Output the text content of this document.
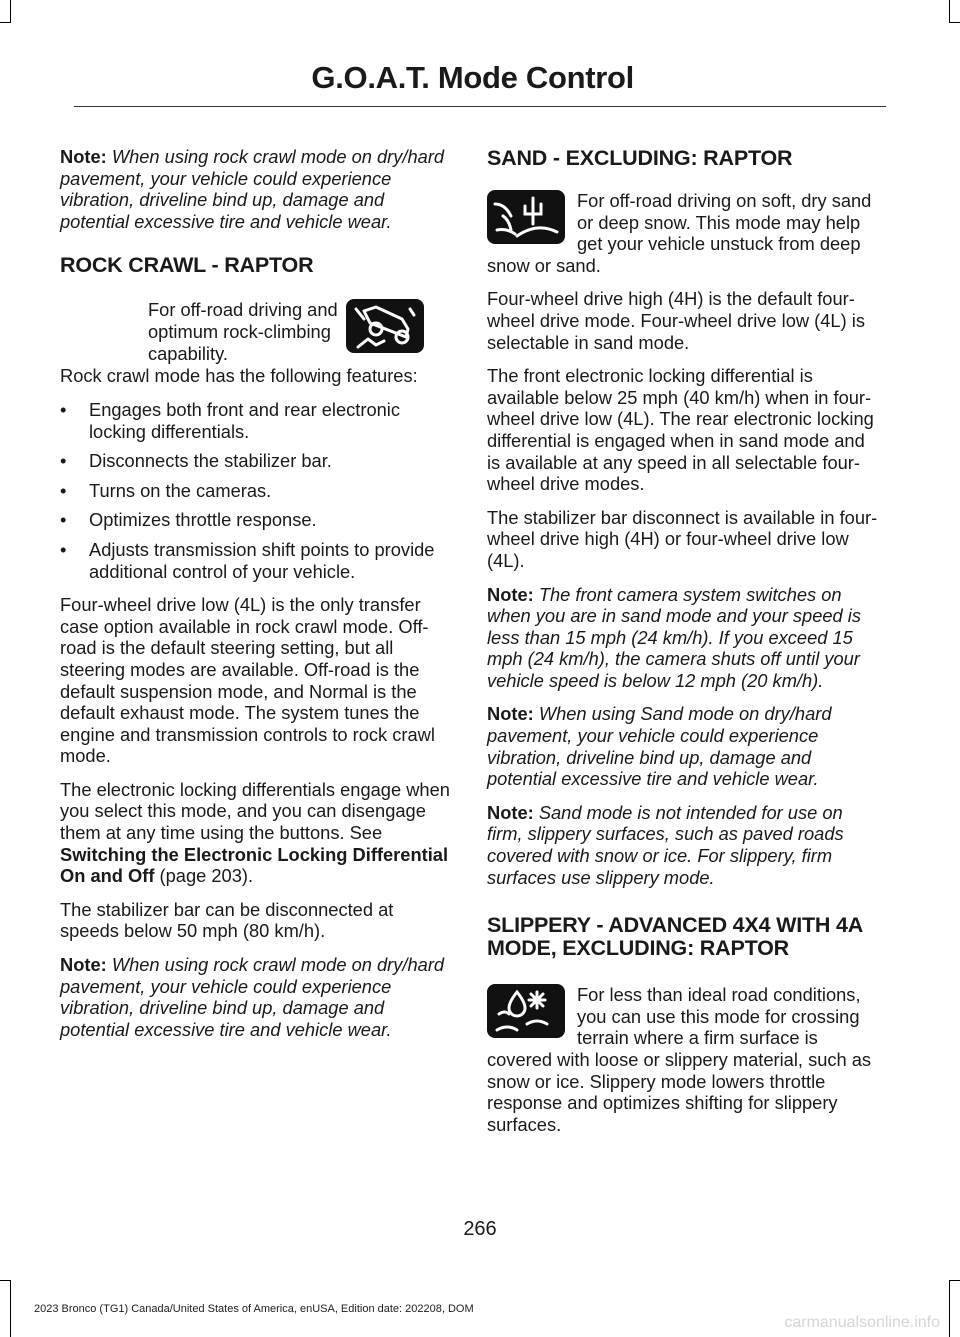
G.O.A.T. Mode Control

Note: When using rock crawl mode on dry/hard pavement, your vehicle could experience vibration, driveline bind up, damage and potential excessive tire and vehicle wear.

ROCK CRAWL - RAPTOR

For off-road driving and optimum rock-climbing capability.

Rock crawl mode has the following features:

• Engages both front and rear electronic locking differentials.
• Disconnects the stabilizer bar.
• Turns on the cameras.
• Optimizes throttle response.
• Adjusts transmission shift points to provide additional control of your vehicle.

Four-wheel drive low (4L) is the only transfer case option available in rock crawl mode. Off-road is the default steering setting, but all steering modes are available. Off-road is the default suspension mode, and Normal is the default exhaust mode. The system tunes the engine and transmission controls to rock crawl mode.

The electronic locking differentials engage when you select this mode, and you can disengage them at any time using the buttons. See Switching the Electronic Locking Differential On and Off (page 203).

The stabilizer bar can be disconnected at speeds below 50 mph (80 km/h).

Note: When using rock crawl mode on dry/hard pavement, your vehicle could experience vibration, driveline bind up, damage and potential excessive tire and vehicle wear.

SAND - EXCLUDING: RAPTOR

For off-road driving on soft, dry sand or deep snow. This mode may help get your vehicle unstuck from deep snow or sand.

Four-wheel drive high (4H) is the default four-wheel drive mode. Four-wheel drive low (4L) is selectable in sand mode.

The front electronic locking differential is available below 25 mph (40 km/h) when in four-wheel drive low (4L). The rear electronic locking differential is engaged when in sand mode and is available at any speed in all selectable four-wheel drive modes.

The stabilizer bar disconnect is available in four-wheel drive high (4H) or four-wheel drive low (4L).

Note: The front camera system switches on when you are in sand mode and your speed is less than 15 mph (24 km/h). If you exceed 15 mph (24 km/h), the camera shuts off until your vehicle speed is below 12 mph (20 km/h).

Note: When using Sand mode on dry/hard pavement, your vehicle could experience vibration, driveline bind up, damage and potential excessive tire and vehicle wear.

Note: Sand mode is not intended for use on firm, slippery surfaces, such as paved roads covered with snow or ice. For slippery, firm surfaces use slippery mode.

SLIPPERY - ADVANCED 4X4 WITH 4A MODE, EXCLUDING: RAPTOR

For less than ideal road conditions, you can use this mode for crossing terrain where a firm surface is covered with loose or slippery material, such as snow or ice. Slippery mode lowers throttle response and optimizes shifting for slippery surfaces.

266
2023 Bronco (TG1) Canada/United States of America, enUSA, Edition date: 202208, DOM
carmanualsonline.info
